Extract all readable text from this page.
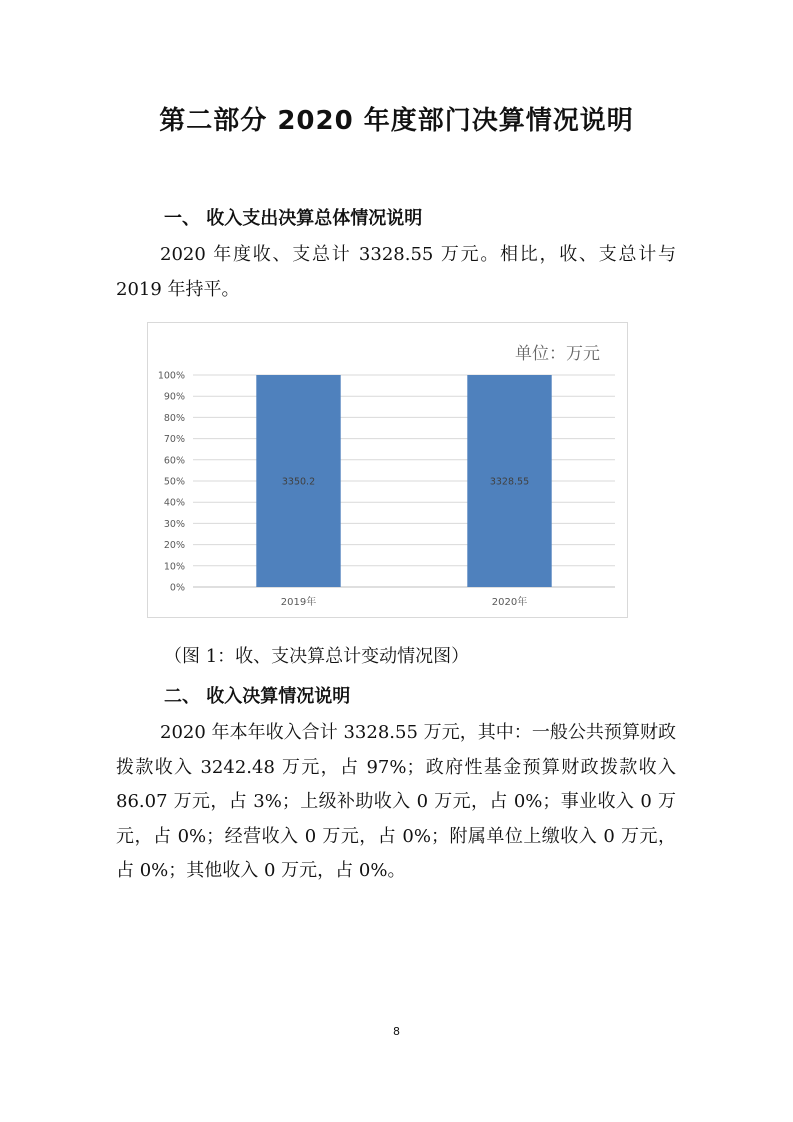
第二部分 2020 年度部门决算情况说明
一、 收入支出决算总体情况说明
2020 年度收、支总计 3328.55 万元。相比，收、支总计与 2019 年持平。
单位：万元
0%
10%
20%
30%
40%
50%
60%
70%
80%
90%
100%
3350.2	3328.55
2019年	2020年
（图 1：收、支决算总计变动情况图）
二、 收入决算情况说明
2020 年本年收入合计 3328.55 万元，其中：一般公共预算财政拨款收入 3242.48 万元，占 97%；政府性基金预算财政拨款收入 86.07 万元，占 3%；上级补助收入 0 万元，占 0%；事业收入 0 万元，占 0%；经营收入 0 万元，占 0%；附属单位上缴收入 0 万元，占 0%；其他收入 0 万元，占 0%。
8
